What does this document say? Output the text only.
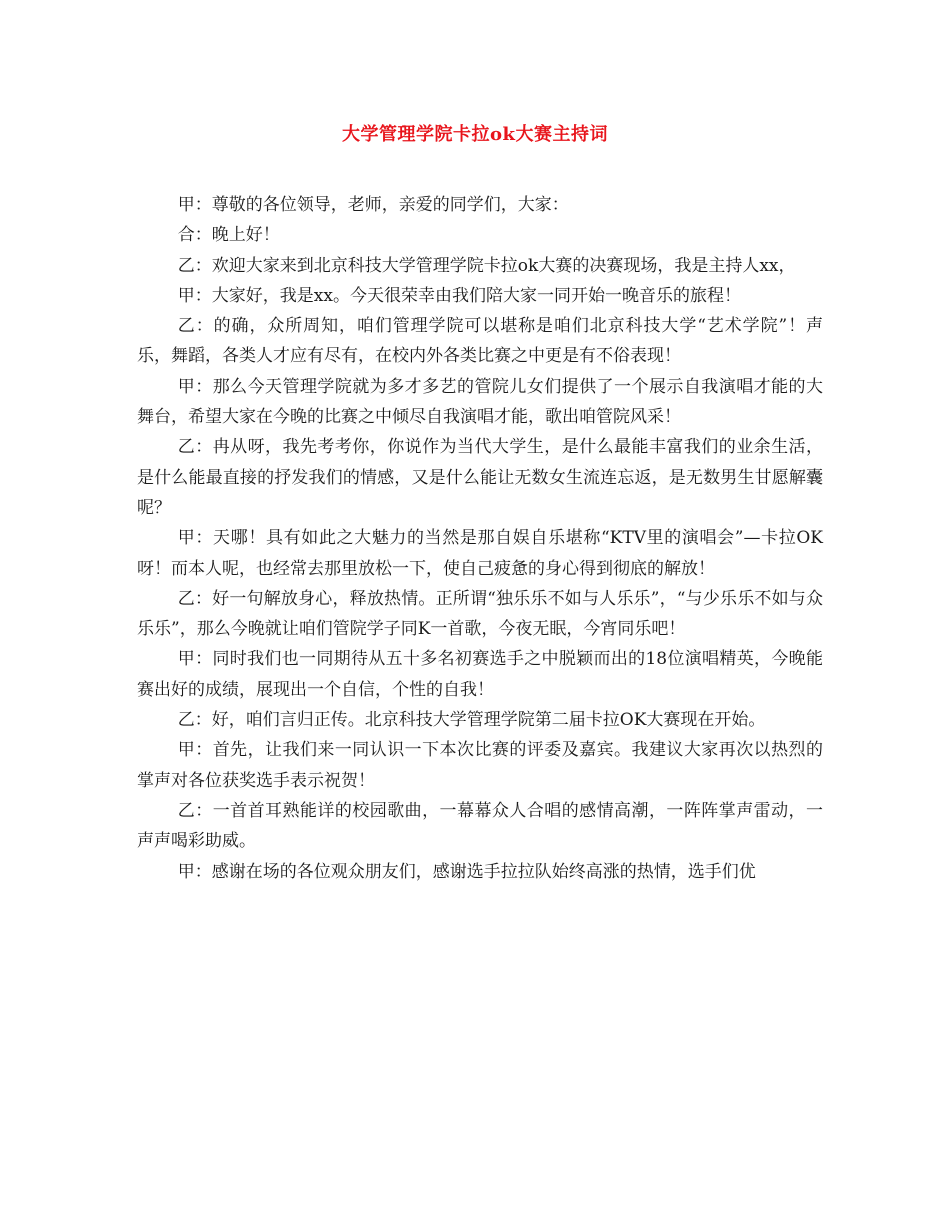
大学管理学院卡拉ok大赛主持词

甲：尊敬的各位领导，老师，亲爱的同学们，大家：

合：晚上好！

乙：欢迎大家来到北京科技大学管理学院卡拉ok大赛的决赛现场，我是主持人xx，

甲：大家好，我是xx。今天很荣幸由我们陪大家一同开始一晚音乐的旅程！

乙：的确，众所周知，咱们管理学院可以堪称是咱们北京科技大学“艺术学院”！声乐，舞蹈，各类人才应有尽有，在校内外各类比赛之中更是有不俗表现！

甲：那么今天管理学院就为多才多艺的管院儿女们提供了一个展示自我演唱才能的大舞台，希望大家在今晚的比赛之中倾尽自我演唱才能，歌出咱管院风采！

乙：冉从呀，我先考考你，你说作为当代大学生，是什么最能丰富我们的业余生活，是什么能最直接的抒发我们的情感，又是什么能让无数女生流连忘返，是无数男生甘愿解囊呢？

甲：天哪！具有如此之大魅力的当然是那自娱自乐堪称“KTV里的演唱会”—卡拉OK呀！而本人呢，也经常去那里放松一下，使自己疲惫的身心得到彻底的解放！

乙：好一句解放身心，释放热情。正所谓“独乐乐不如与人乐乐”，“与少乐乐不如与众乐乐”，那么今晚就让咱们管院学子同K一首歌，今夜无眠，今宵同乐吧！

甲：同时我们也一同期待从五十多名初赛选手之中脱颖而出的18位演唱精英，今晚能赛出好的成绩，展现出一个自信，个性的自我！

乙：好，咱们言归正传。北京科技大学管理学院第二届卡拉OK大赛现在开始。

甲：首先，让我们来一同认识一下本次比赛的评委及嘉宾。我建议大家再次以热烈的掌声对各位获奖选手表示祝贺！

乙：一首首耳熟能详的校园歌曲，一幕幕众人合唱的感情高潮，一阵阵掌声雷动，一声声喝彩助威。

甲：感谢在场的各位观众朋友们，感谢选手拉拉队始终高涨的热情，选手们优
